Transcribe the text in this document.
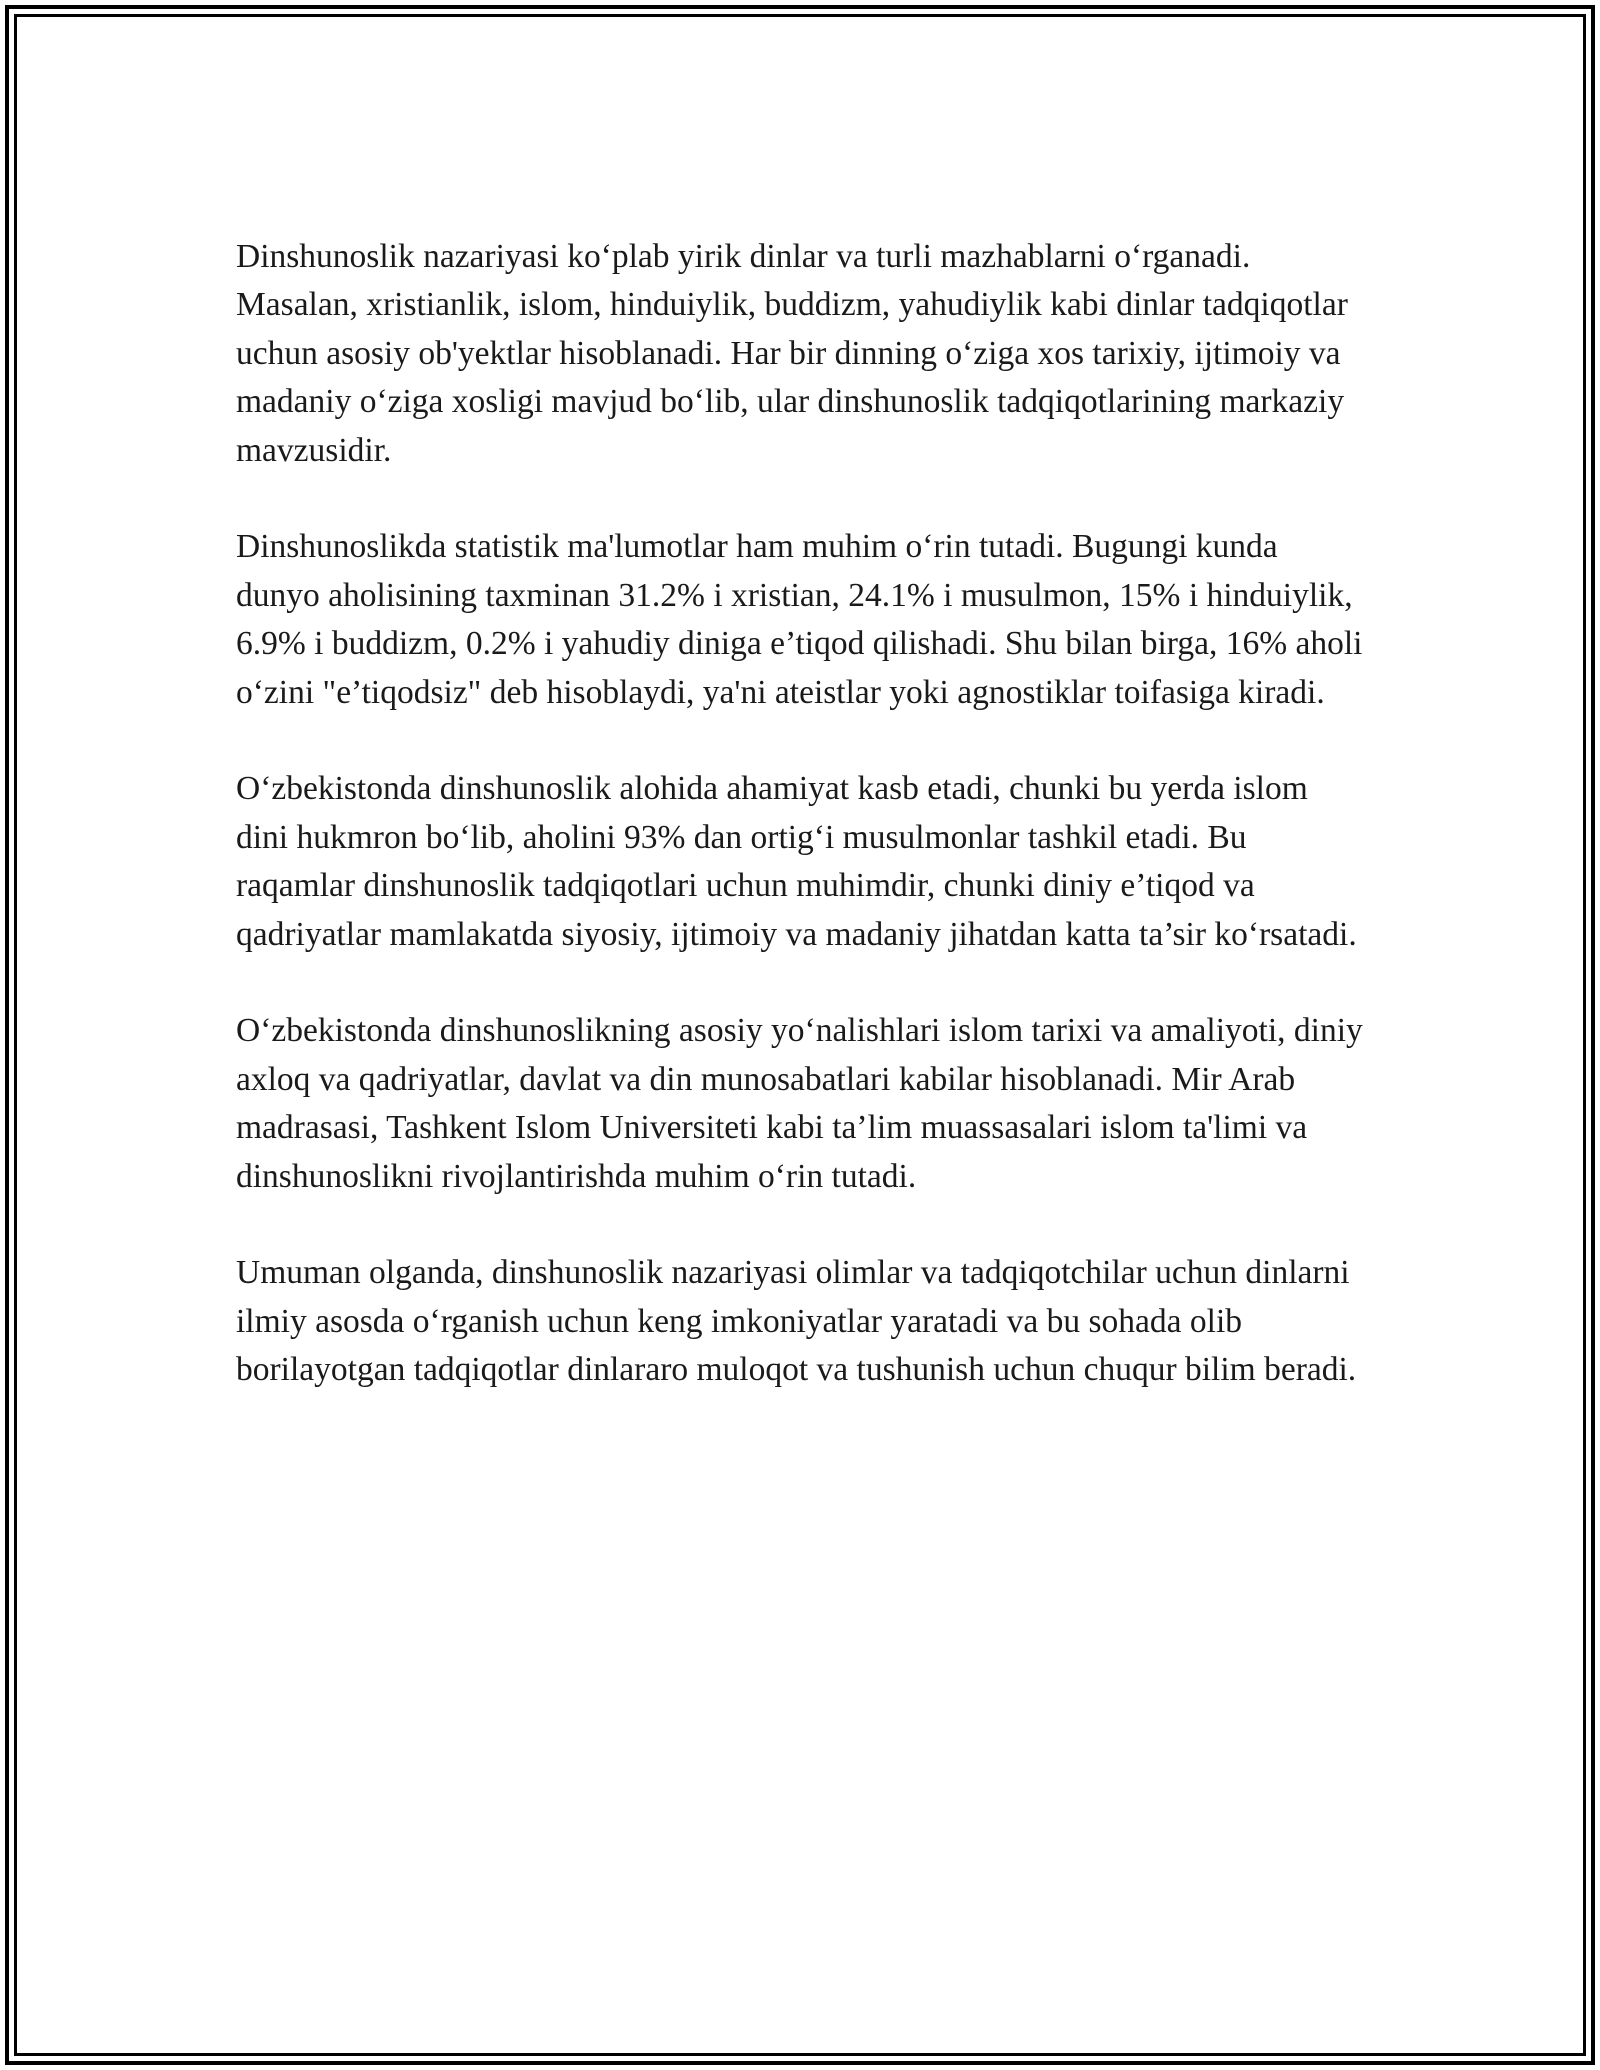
Dinshunoslik nazariyasi ko‘plab yirik dinlar va turli mazhablarni o‘rganadi. Masalan, xristianlik, islom, hinduiylik, buddizm, yahudiylik kabi dinlar tadqiqotlar uchun asosiy ob'yektlar hisoblanadi. Har bir dinning o‘ziga xos tarixiy, ijtimoiy va madaniy o‘ziga xosligi mavjud bo‘lib, ular dinshunoslik tadqiqotlarining markaziy mavzusidir.

Dinshunoslikda statistik ma'lumotlar ham muhim o‘rin tutadi. Bugungi kunda dunyo aholisining taxminan 31.2% i xristian, 24.1% i musulmon, 15% i hinduiylik, 6.9% i buddizm, 0.2% i yahudiy diniga e’tiqod qilishadi. Shu bilan birga, 16% aholi o‘zini "e’tiqodsiz" deb hisoblaydi, ya'ni ateistlar yoki agnostiklar toifasiga kiradi.

O‘zbekistonda dinshunoslik alohida ahamiyat kasb etadi, chunki bu yerda islom dini hukmron bo‘lib, aholini 93% dan ortig‘i musulmonlar tashkil etadi. Bu raqamlar dinshunoslik tadqiqotlari uchun muhimdir, chunki diniy e’tiqod va qadriyatlar mamlakatda siyosiy, ijtimoiy va madaniy jihatdan katta ta’sir ko‘rsatadi.

O‘zbekistonda dinshunoslikning asosiy yo‘nalishlari islom tarixi va amaliyoti, diniy axloq va qadriyatlar, davlat va din munosabatlari kabilar hisoblanadi. Mir Arab madrasasi, Tashkent Islom Universiteti kabi ta’lim muassasalari islom ta'limi va dinshunoslikni rivojlantirishda muhim o‘rin tutadi.

Umuman olganda, dinshunoslik nazariyasi olimlar va tadqiqotchilar uchun dinlarni ilmiy asosda o‘rganish uchun keng imkoniyatlar yaratadi va bu sohada olib borilayotgan tadqiqotlar dinlararo muloqot va tushunish uchun chuqur bilim beradi.
